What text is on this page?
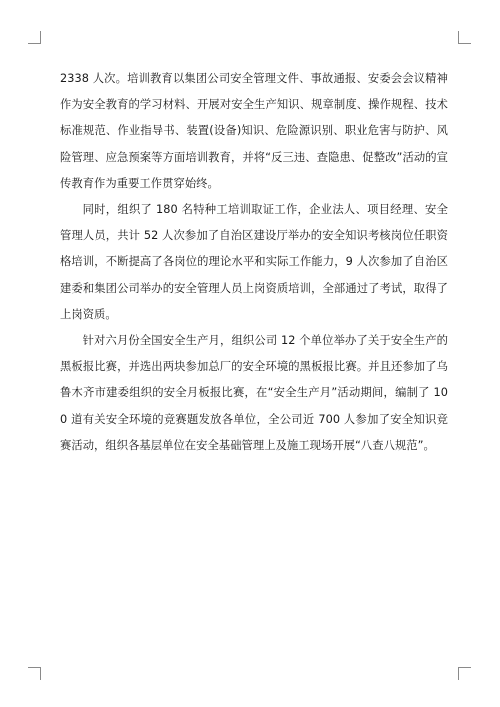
2338 人次。培训教育以集团公司安全管理文件、事故通报、安委会会议精神作为安全教育的学习材料、开展对安全生产知识、规章制度、操作规程、技术标准规范、作业指导书、装置(设备)知识、危险源识别、职业危害与防护、风险管理、应急预案等方面培训教育，并将“反三违、查隐患、促整改”活动的宣传教育作为重要工作贯穿始终。

同时，组织了 180 名特种工培训取证工作，企业法人、项目经理、安全管理人员，共计 52 人次参加了自治区建设厅举办的安全知识考核岗位任职资格培训，不断提高了各岗位的理论水平和实际工作能力，9 人次参加了自治区建委和集团公司举办的安全管理人员上岗资质培训，全部通过了考试，取得了上岗资质。

针对六月份全国安全生产月，组织公司 12 个单位举办了关于安全生产的黑板报比赛，并选出两块参加总厂的安全环境的黑板报比赛。并且还参加了乌鲁木齐市建委组织的安全月板报比赛，在“安全生产月”活动期间，编制了 100 道有关安全环境的竞赛题发放各单位，全公司近 700 人参加了安全知识竞赛活动，组织各基层单位在安全基础管理上及施工现场开展“八查八规范”。
